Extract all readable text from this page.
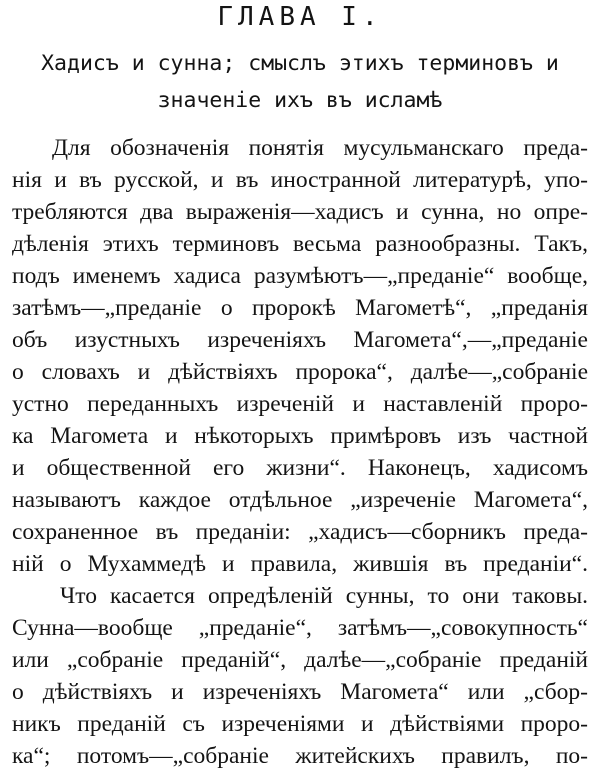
ГЛАВА I.
Хадисъ и сунна; смыслъ этихъ терминовъ и
значеніе ихъ въ исламѣ
Для обозначенія понятія мусульманскаго преда-
нія и въ русской, и въ иностранной литературѣ, упо-
требляются два выраженія—хадисъ и сунна, но опре-
дѣленія этихъ терминовъ весьма разнообразны. Такъ,
подъ именемъ хадиса разумѣютъ—„преданіе“ вообще,
затѣмъ—„преданіе о пророкѣ Магометѣ“, „преданія
объ изустныхъ изреченіяхъ Магомета“,—„преданіе
о словахъ и дѣйствіяхъ пророка“, далѣе—„собраніе
устно переданныхъ изреченій и наставленій проро-
ка Магомета и нѣкоторыхъ примѣровъ изъ частной
и общественной его жизни“. Наконецъ, хадисомъ
называютъ каждое отдѣльное „изреченіе Магомета“,
сохраненное въ преданіи: „хадисъ—сборникъ преда-
ній о Мухаммедѣ и правила, жившія въ преданіи“.
Что касается опредѣленій сунны, то они таковы.
Сунна—вообще „преданіе“, затѣмъ—„совокупность“
или „собраніе преданій“, далѣе—„собраніе преданій
о дѣйствіяхъ и изреченіяхъ Магомета“ или „сбор-
никъ преданій съ изреченіями и дѣйствіями проро-
ка“; потомъ—„собраніе житейскихъ правилъ, по-
